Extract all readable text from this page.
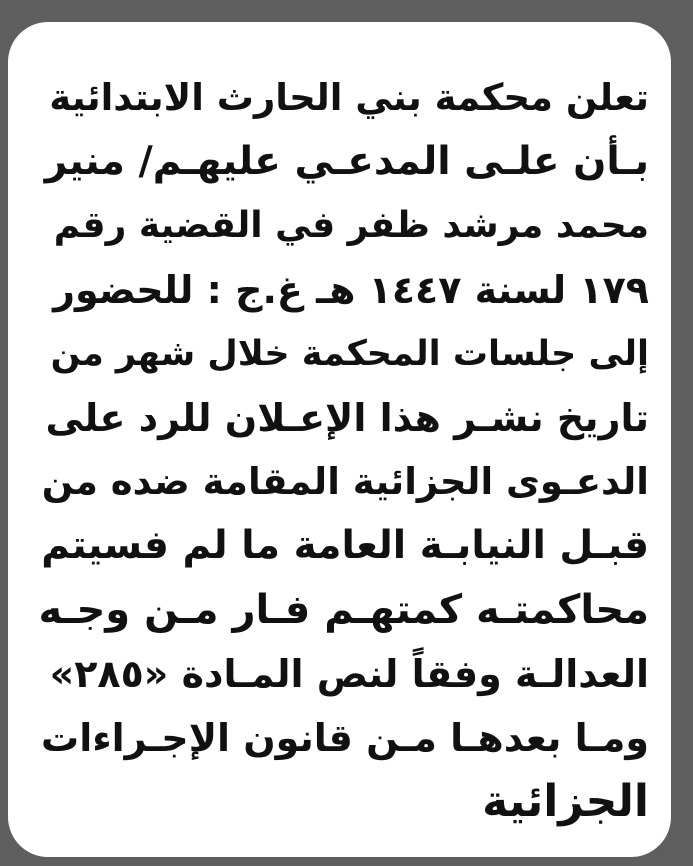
تعلن محكمة بني الحارث الابتدائية
بـأن علـى المدعـي عليهـم/ منير
محمد مرشد ظفر في القضية رقم
١٧٩ لسنة ١٤٤٧ هـ غ.ج : للحضور
إلى جلسات المحكمة خلال شهر من
تاريخ نشـر هذا الإعـلان للرد على
الدعـوى الجزائية المقامة ضده من
قبـل النيابـة العامة ما لم فسيتم
محاكمتـه كمتهـم فـار مـن وجـه
العدالـة وفقاً لنص المـادة «٢٨٥»
ومـا بعدهـا مـن قانون الإجـراءات
الجزائية
